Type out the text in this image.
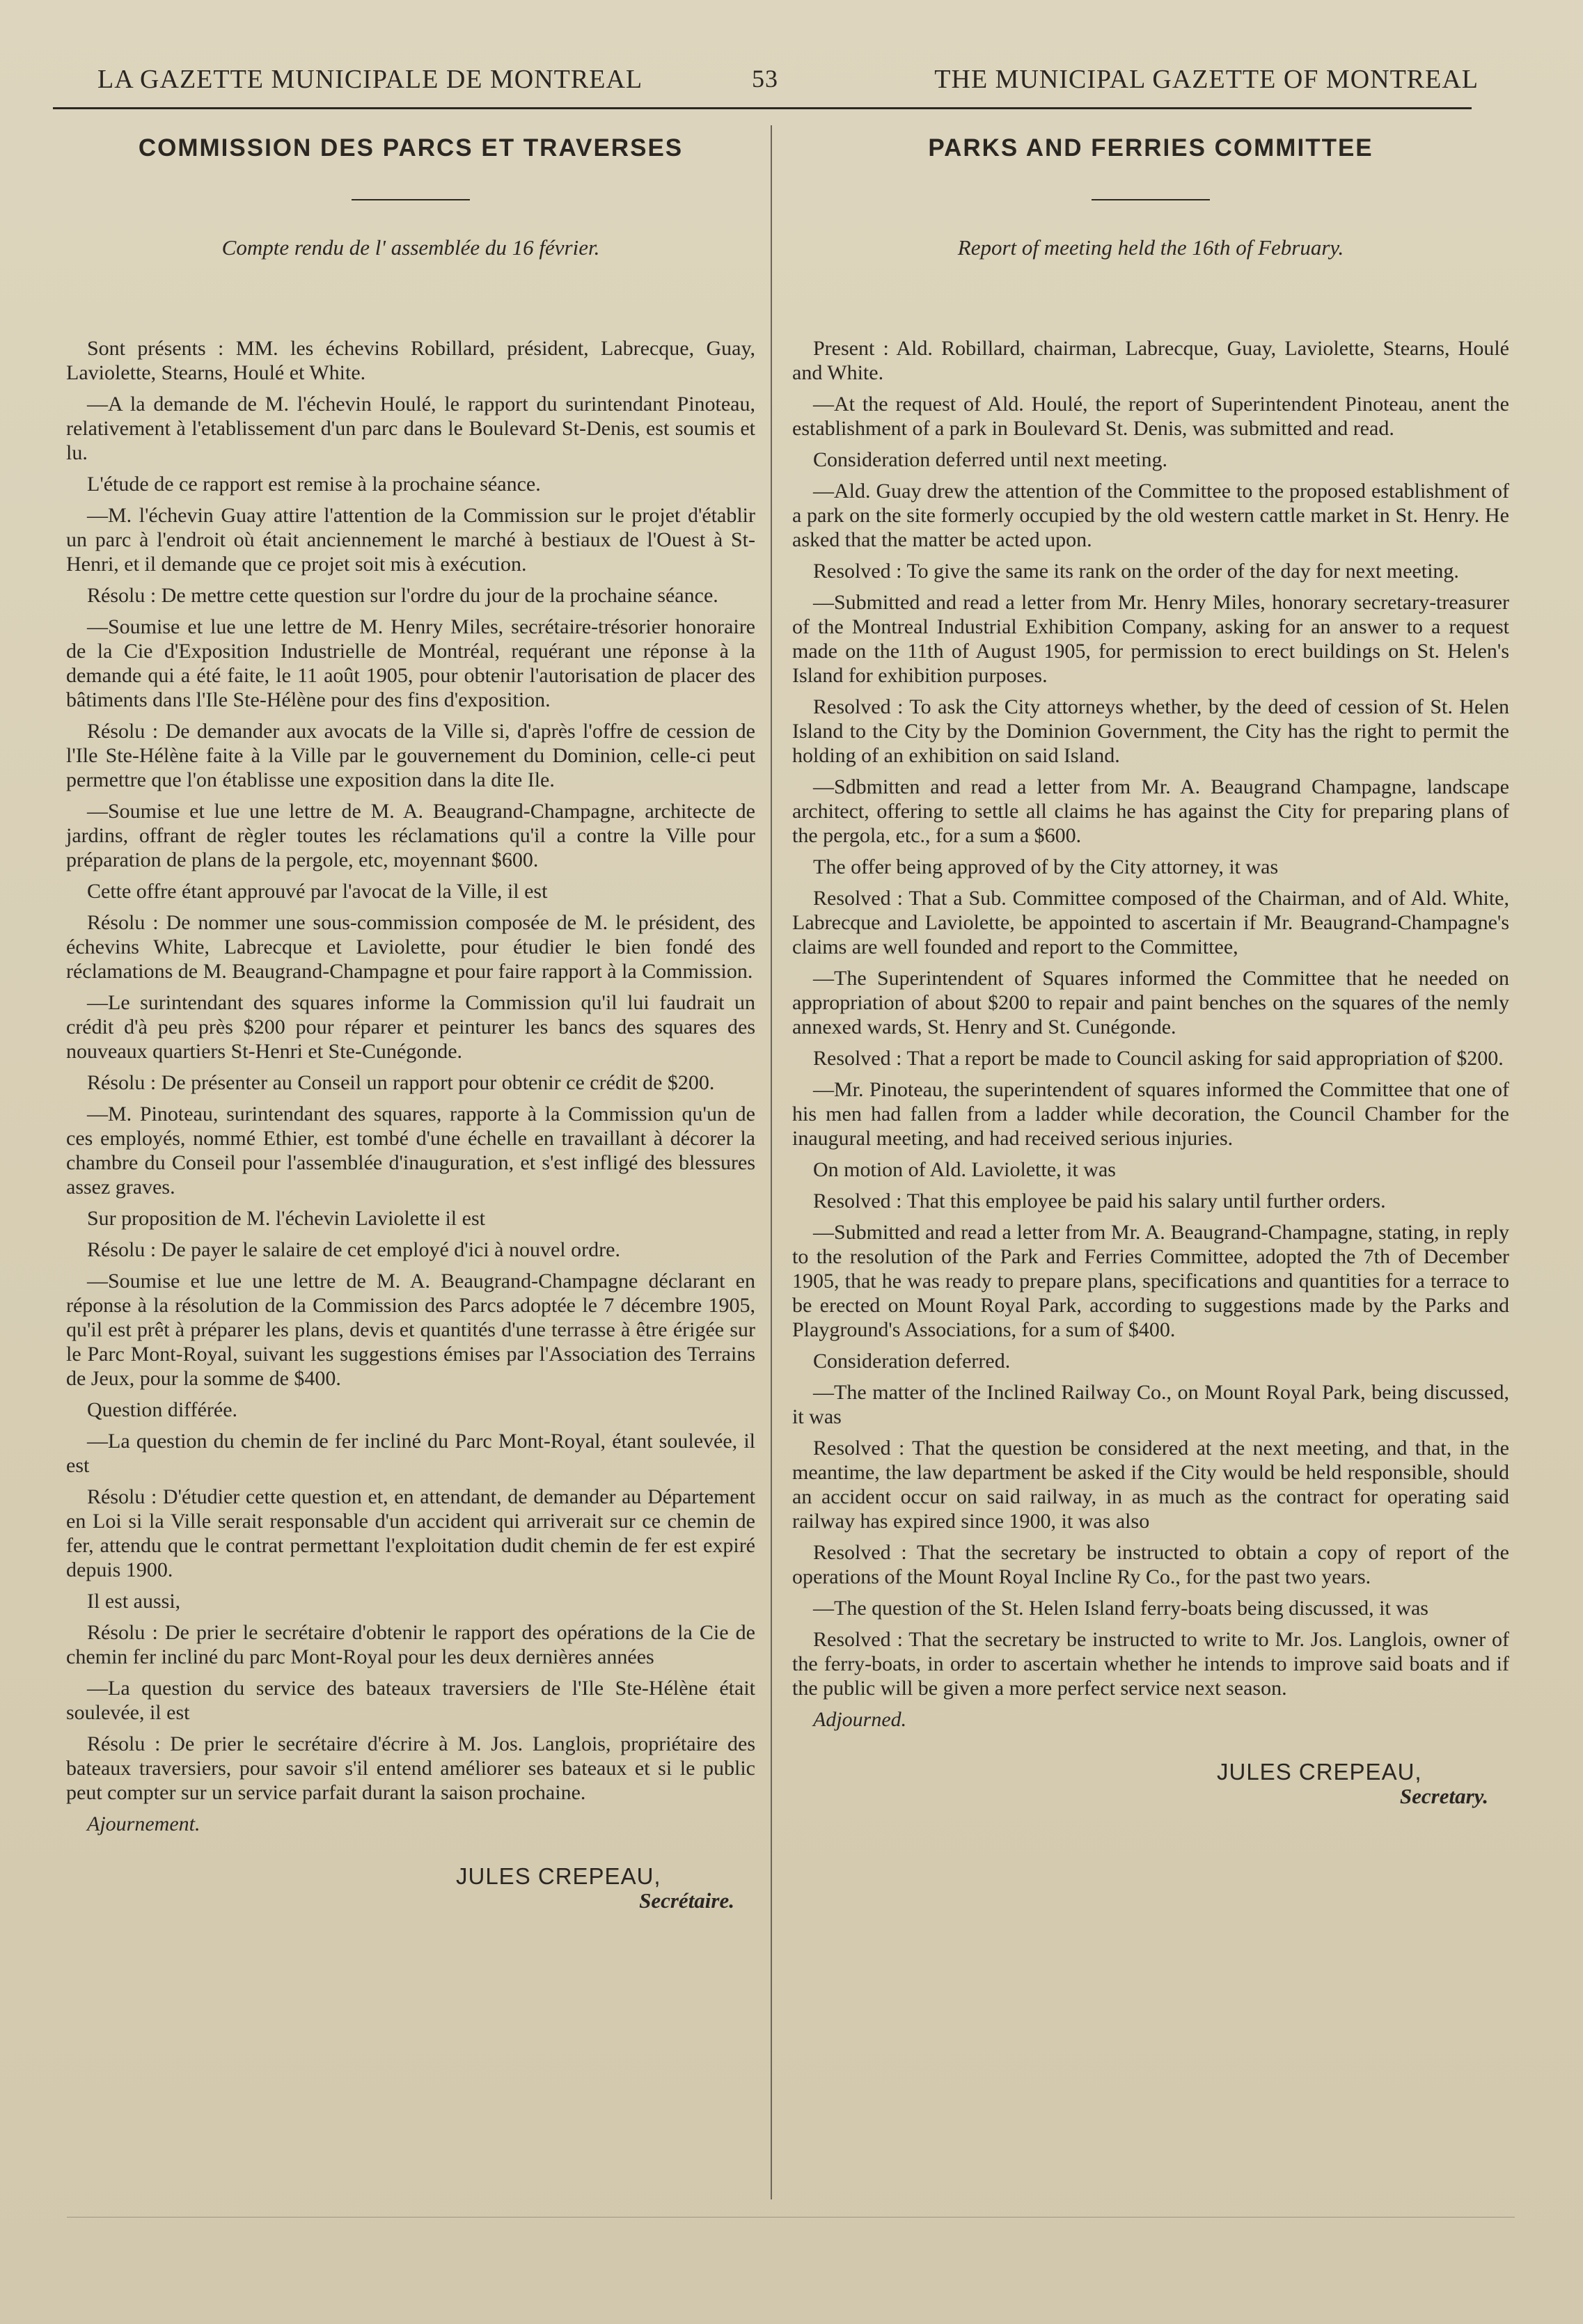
LA GAZETTE MUNICIPALE DE MONTREAL	53	THE MUNICIPAL GAZETTE OF MONTREAL
COMMISSION DES PARCS ET TRAVERSES

Compte rendu de l' assemblée du 16 février.

Sont présents : MM. les échevins Robillard, président, Labrecque, Guay, Laviolette, Stearns, Houlé et White.

—A la demande de M. l'échevin Houlé, le rapport du surintendant Pinoteau, relativement à l'etablissement d'un parc dans le Boulevard St-Denis, est soumis et lu.

L'étude de ce rapport est remise à la prochaine séance.

—M. l'échevin Guay attire l'attention de la Commission sur le projet d'établir un parc à l'endroit où était anciennement le marché à bestiaux de l'Ouest à St-Henri, et il demande que ce projet soit mis à exécution.

Résolu : De mettre cette question sur l'ordre du jour de la prochaine séance.

—Soumise et lue une lettre de M. Henry Miles, secrétaire-trésorier honoraire de la Cie d'Exposition Industrielle de Montréal, requérant une réponse à la demande qui a été faite, le 11 août 1905, pour obtenir l'autorisation de placer des bâtiments dans l'Ile Ste-Hélène pour des fins d'exposition.

Résolu : De demander aux avocats de la Ville si, d'après l'offre de cession de l'Ile Ste-Hélène faite à la Ville par le gouvernement du Dominion, celle-ci peut permettre que l'on établisse une exposition dans la dite Ile.

—Soumise et lue une lettre de M. A. Beaugrand-Champagne, architecte de jardins, offrant de règler toutes les réclamations qu'il a contre la Ville pour préparation de plans de la pergole, etc, moyennant $600.

Cette offre étant approuvé par l'avocat de la Ville, il est

Résolu : De nommer une sous-commission composée de M. le président, des échevins White, Labrecque et Laviolette, pour étudier le bien fondé des réclamations de M. Beaugrand-Champagne et pour faire rapport à la Commission.

—Le surintendant des squares informe la Commission qu'il lui faudrait un crédit d'à peu près $200 pour réparer et peinturer les bancs des squares des nouveaux quartiers St-Henri et Ste-Cunégonde.

Résolu : De présenter au Conseil un rapport pour obtenir ce crédit de $200.

—M. Pinoteau, surintendant des squares, rapporte à la Commission qu'un de ces employés, nommé Ethier, est tombé d'une échelle en travaillant à décorer la chambre du Conseil pour l'assemblée d'inauguration, et s'est infligé des blessures assez graves.

Sur proposition de M. l'échevin Laviolette il est

Résolu : De payer le salaire de cet employé d'ici à nouvel ordre.

—Soumise et lue une lettre de M. A. Beaugrand-Champagne déclarant en réponse à la résolution de la Commission des Parcs adoptée le 7 décembre 1905, qu'il est prêt à préparer les plans, devis et quantités d'une terrasse à être érigée sur le Parc Mont-Royal, suivant les suggestions émises par l'Association des Terrains de Jeux, pour la somme de $400.

Question différée.

—La question du chemin de fer incliné du Parc Mont-Royal, étant soulevée, il est

Résolu : D'étudier cette question et, en attendant, de demander au Département en Loi si la Ville serait responsable d'un accident qui arriverait sur ce chemin de fer, attendu que le contrat permettant l'exploitation dudit chemin de fer est expiré depuis 1900.

Il est aussi,

Résolu : De prier le secrétaire d'obtenir le rapport des opérations de la Cie de chemin fer incliné du parc Mont-Royal pour les deux dernières années

—La question du service des bateaux traversiers de l'Ile Ste-Hélène était soulevée, il est

Résolu : De prier le secrétaire d'écrire à M. Jos. Langlois, propriétaire des bateaux traversiers, pour savoir s'il entend améliorer ses bateaux et si le public peut compter sur un service parfait durant la saison prochaine.

Ajournement.

JULES CREPEAU,
Secrétaire.
PARKS AND FERRIES COMMITTEE

Report of meeting held the 16th of February.

Present : Ald. Robillard, chairman, Labrecque, Guay, Laviolette, Stearns, Houlé and White.

—At the request of Ald. Houlé, the report of Superintendent Pinoteau, anent the establishment of a park in Boulevard St. Denis, was submitted and read.

Consideration deferred until next meeting.

—Ald. Guay drew the attention of the Committee to the proposed establishment of a park on the site formerly occupied by the old western cattle market in St. Henry. He asked that the matter be acted upon.

Resolved : To give the same its rank on the order of the day for next meeting.

—Submitted and read a letter from Mr. Henry Miles, honorary secretary-treasurer of the Montreal Industrial Exhibition Company, asking for an answer to a request made on the 11th of August 1905, for permission to erect buildings on St. Helen's Island for exhibition purposes.

Resolved : To ask the City attorneys whether, by the deed of cession of St. Helen Island to the City by the Dominion Government, the City has the right to permit the holding of an exhibition on said Island.

—Sdbmitten and read a letter from Mr. A. Beaugrand Champagne, landscape architect, offering to settle all claims he has against the City for preparing plans of the pergola, etc., for a sum a $600.

The offer being approved of by the City attorney, it was

Resolved : That a Sub. Committee composed of the Chairman, and of Ald. White, Labrecque and Laviolette, be appointed to ascertain if Mr. Beaugrand-Champagne's claims are well founded and report to the Committee,

—The Superintendent of Squares informed the Committee that he needed on appropriation of about $200 to repair and paint benches on the squares of the nemly annexed wards, St. Henry and St. Cunégonde.

Resolved : That a report be made to Council asking for said appropriation of $200.

—Mr. Pinoteau, the superintendent of squares informed the Committee that one of his men had fallen from a ladder while decoration, the Council Chamber for the inaugural meeting, and had received serious injuries.

On motion of Ald. Laviolette, it was

Resolved : That this employee be paid his salary until further orders.

—Submitted and read a letter from Mr. A. Beaugrand-Champagne, stating, in reply to the resolution of the Park and Ferries Committee, adopted the 7th of December 1905, that he was ready to prepare plans, specifications and quantities for a terrace to be erected on Mount Royal Park, according to suggestions made by the Parks and Playground's Associations, for a sum of $400.

Consideration deferred.

—The matter of the Inclined Railway Co., on Mount Royal Park, being discussed, it was

Resolved : That the question be considered at the next meeting, and that, in the meantime, the law department be asked if the City would be held responsible, should an accident occur on said railway, in as much as the contract for operating said railway has expired since 1900, it was also

Resolved : That the secretary be instructed to obtain a copy of report of the operations of the Mount Royal Incline Ry Co., for the past two years.

—The question of the St. Helen Island ferry-boats being discussed, it was

Resolved : That the secretary be instructed to write to Mr. Jos. Langlois, owner of the ferry-boats, in order to ascertain whether he intends to improve said boats and if the public will be given a more perfect service next season.

Adjourned.

JULES CREPEAU,
Secretary.
